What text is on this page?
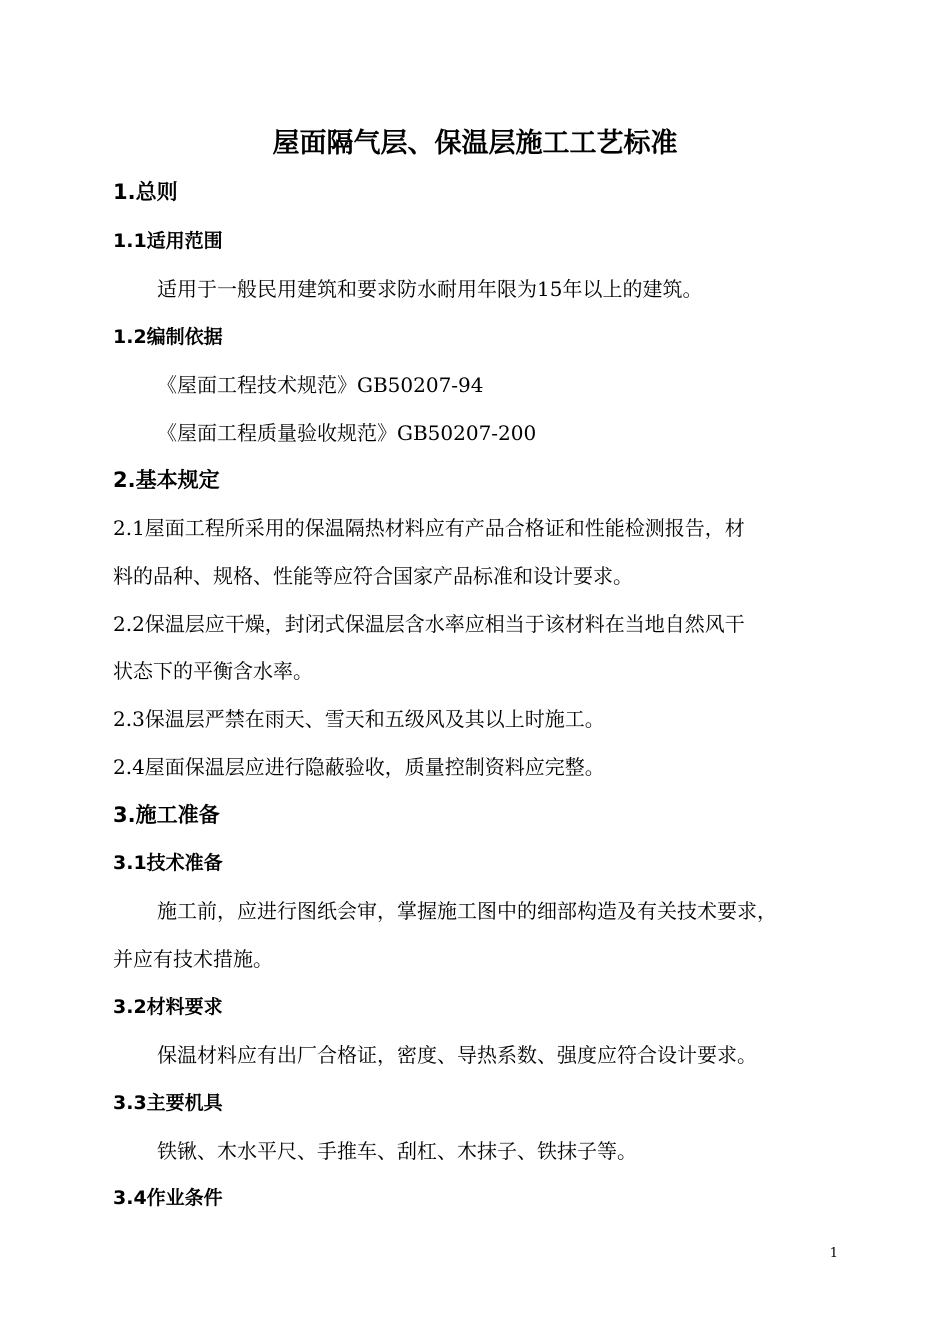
屋面隔气层、保温层施工工艺标准
1.总则
1.1适用范围
适用于一般民用建筑和要求防水耐用年限为15年以上的建筑。
1.2编制依据
《屋面工程技术规范》GB50207-94
《屋面工程质量验收规范》GB50207-200
2.基本规定
2.1屋面工程所采用的保温隔热材料应有产品合格证和性能检测报告，材
料的品种、规格、性能等应符合国家产品标准和设计要求。
2.2保温层应干燥，封闭式保温层含水率应相当于该材料在当地自然风干
状态下的平衡含水率。
2.3保温层严禁在雨天、雪天和五级风及其以上时施工。
2.4屋面保温层应进行隐蔽验收，质量控制资料应完整。
3.施工准备
3.1技术准备
施工前，应进行图纸会审，掌握施工图中的细部构造及有关技术要求，
并应有技术措施。
3.2材料要求
保温材料应有出厂合格证，密度、导热系数、强度应符合设计要求。
3.3主要机具
铁锹、木水平尺、手推车、刮杠、木抹子、铁抹子等。
3.4作业条件
1
